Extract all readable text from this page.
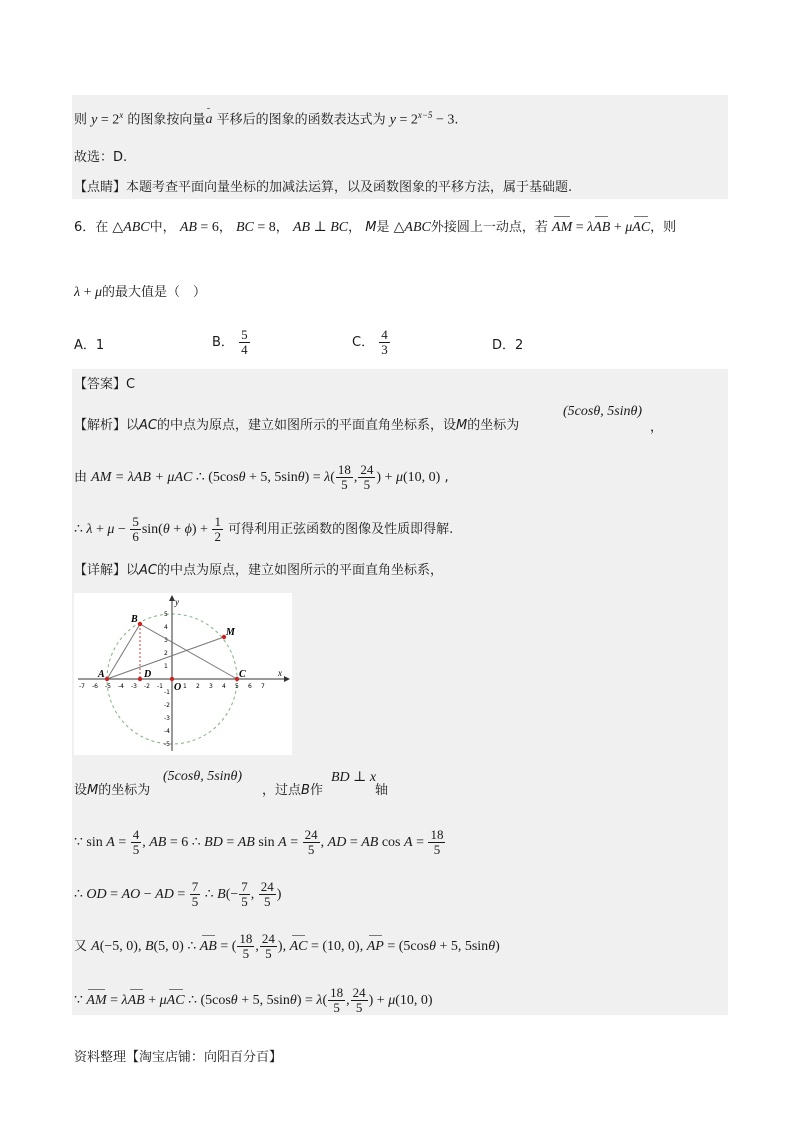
则 $y = 2^x$ 的图象按向量a 平移后的图象的函数表达式为 $y = 2^{x-5} - 3$.
故选：D.
【点睛】本题考查平面向量坐标的加减法运算，以及函数图象的平移方法，属于基础题.
6．在 △ABC中， AB = 6， BC = 8， AB ⊥ BC， M是 △ABC外接圆上一动点，若 AM = λAB + μAC，则
λ + μ的最大值是（　）
A．1	B． $\frac{5}{4}$	C． $\frac{4}{3}$	D．2
【答案】C
(5cosθ, 5sinθ)
【解析】以AC的中点为原点，建立如图所示的平面直角坐标系，设M的坐标为	，
由 AM = λAB + μAC ∴ (5cosθ + 5, $5\sin\theta) = \lambda( \frac{18}{5}$ , $\frac{24}{5}$ ) + μ(10, 0) ,
∴ $\lambda + \mu - \frac{5}{6} \sin(\theta + \phi) + \frac{1}{2}$ 可得利用正弦函数的图像及性质即得解.
【详解】以AC的中点为原点，建立如图所示的平面直角坐标系，
x
y
-7 -6 -5 -4 -3 -2 -1	1 2 3 4 5 6 7
5
4
3
2
1
-1
-2
-3
-4
-5
A
B
C
D
O
M
(5cosθ, 5sinθ)	BD ⊥ x
设M的坐标为	，过点B作	轴
∵ $\sin A = \frac{4}{5}$ , AB = 6 ∴ BD = AB $\sin A = \frac{24}{5}$ , AD = AB $\cos A = \frac{18}{5}$
∴ OD = AO − AD = $\frac{7}{5}$ ∴ $B(- \frac{7}{5}$ , $\frac{24}{5}$ )
又 A(−5, 0), B(5, 0) ∴ AB = ( $\frac{18}{5}$ , $\frac{24}{5}$ ), AC = (10, 0), AP = (5cosθ + 5, 5sinθ)
∵ AM = λAB + μAC ∴ (5cosθ + 5, $5\sin\theta) = \lambda( \frac{18}{5}$ , $\frac{24}{5}$ ) + μ(10, 0)
资料整理【淘宝店铺：向阳百分百】
